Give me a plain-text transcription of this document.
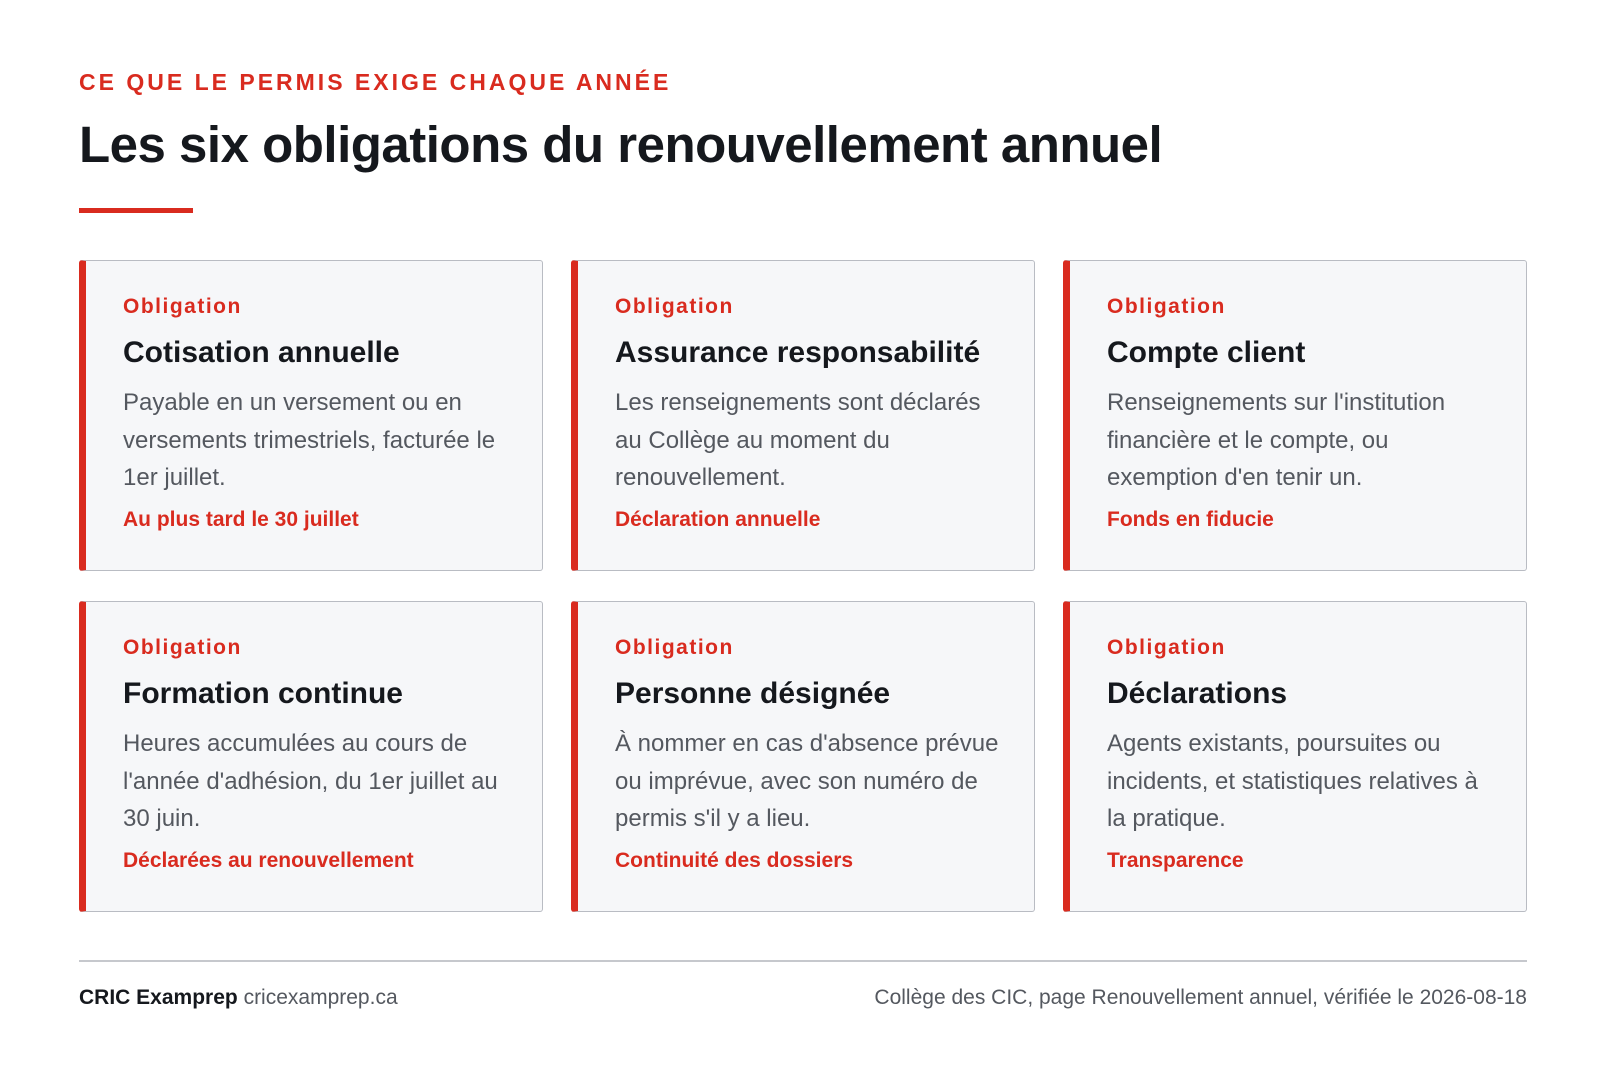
CE QUE LE PERMIS EXIGE CHAQUE ANNÉE
Les six obligations du renouvellement annuel
Obligation
Cotisation annuelle
Payable en un versement ou en versements trimestriels, facturée le 1er juillet.
Au plus tard le 30 juillet
Obligation
Assurance responsabilité
Les renseignements sont déclarés au Collège au moment du renouvellement.
Déclaration annuelle
Obligation
Compte client
Renseignements sur l'institution financière et le compte, ou exemption d'en tenir un.
Fonds en fiducie
Obligation
Formation continue
Heures accumulées au cours de l'année d'adhésion, du 1er juillet au 30 juin.
Déclarées au renouvellement
Obligation
Personne désignée
À nommer en cas d'absence prévue ou imprévue, avec son numéro de permis s'il y a lieu.
Continuité des dossiers
Obligation
Déclarations
Agents existants, poursuites ou incidents, et statistiques relatives à la pratique.
Transparence
CRIC Examprep cricexamprep.ca	Collège des CIC, page Renouvellement annuel, vérifiée le 2026-08-18
